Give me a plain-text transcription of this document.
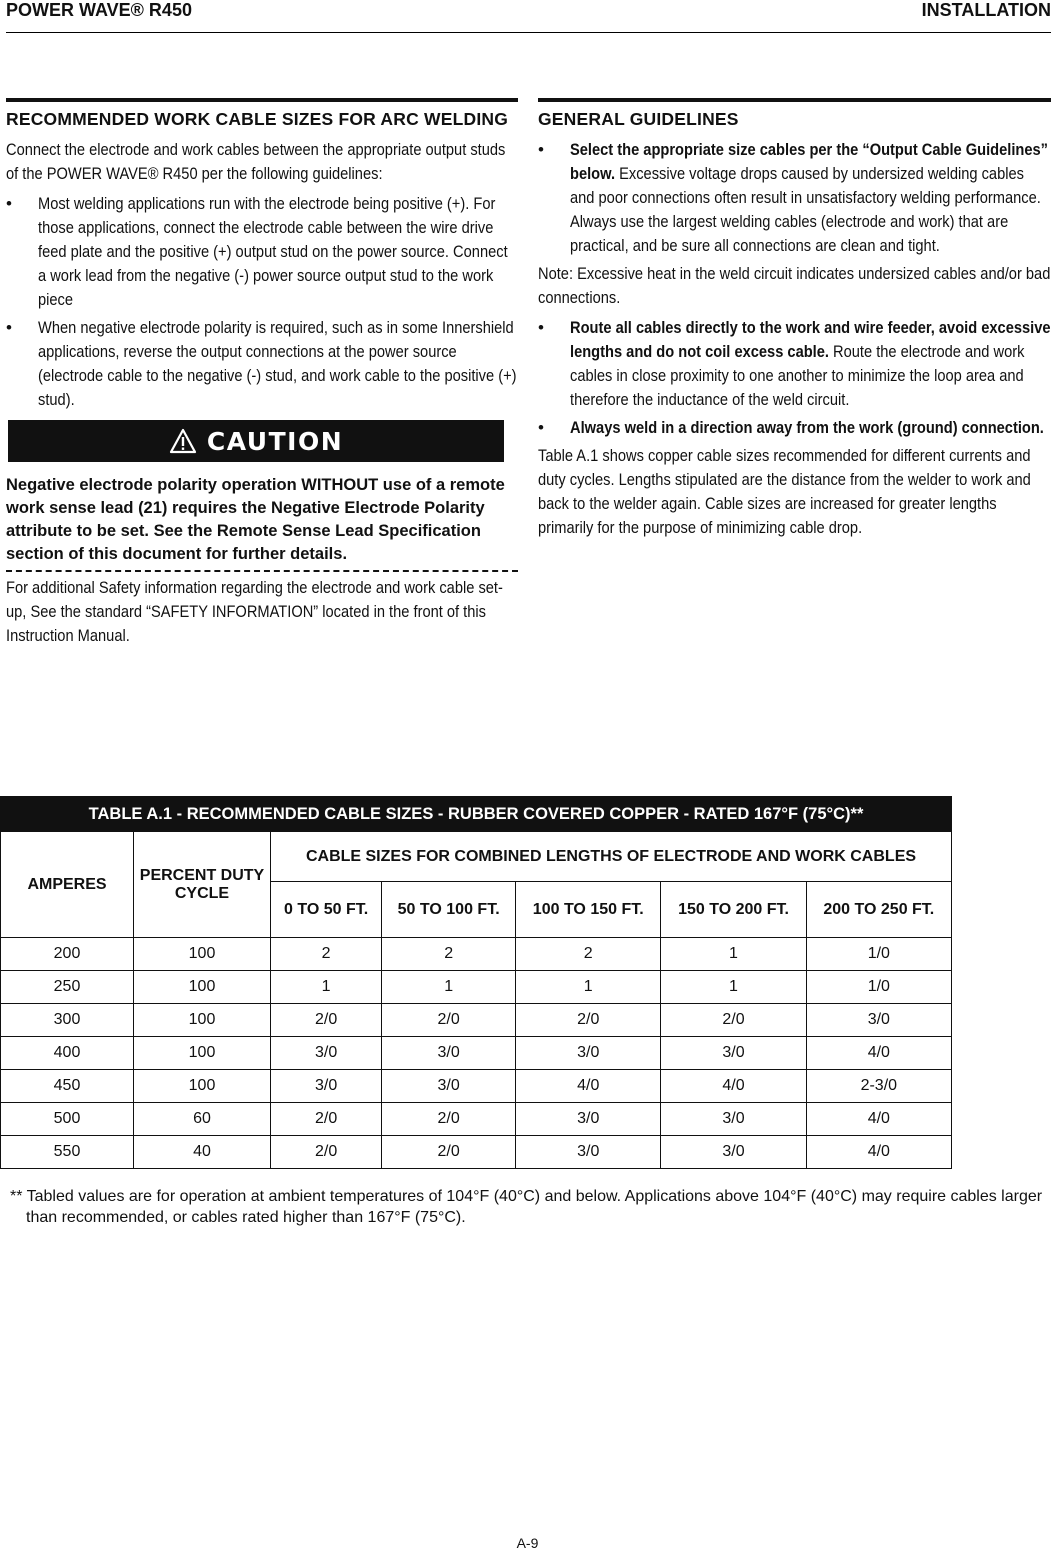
POWER WAVE® R450	INSTALLATION
RECOMMENDED WORK CABLE SIZES FOR ARC WELDING
Connect the electrode and work cables between the appropriate output studs of the POWER WAVE® R450 per the following guidelines:
• Most welding applications run with the electrode being positive (+). For those applications, connect the electrode cable between the wire drive feed plate and the positive (+) output stud on the power source. Connect a work lead from the negative (-) power source output stud to the work piece
• When negative electrode polarity is required, such as in some Innershield applications, reverse the output connections at the power source (electrode cable to the negative (-) stud, and work cable to the positive (+) stud).
CAUTION
Negative electrode polarity operation WITHOUT use of a remote work sense lead (21) requires the Negative Electrode Polarity attribute to be set. See the Remote Sense Lead Specification section of this document for further details.
For additional Safety information regarding the electrode and work cable set-up, See the standard “SAFETY INFORMATION” located in the front of this Instruction Manual.
GENERAL GUIDELINES
• Select the appropriate size cables per the “Output Cable Guidelines” below. Excessive voltage drops caused by undersized welding cables and poor connections often result in unsatisfactory welding performance. Always use the largest welding cables (electrode and work) that are practical, and be sure all connections are clean and tight.
Note: Excessive heat in the weld circuit indicates undersized cables and/or bad connections.
• Route all cables directly to the work and wire feeder, avoid excessive lengths and do not coil excess cable. Route the electrode and work cables in close proximity to one another to minimize the loop area and therefore the inductance of the weld circuit.
• Always weld in a direction away from the work (ground) connection.
Table A.1 shows copper cable sizes recommended for different currents and duty cycles. Lengths stipulated are the distance from the welder to work and back to the welder again. Cable sizes are increased for greater lengths primarily for the purpose of minimizing cable drop.
TABLE A.1 - RECOMMENDED CABLE SIZES - RUBBER COVERED COPPER - RATED 167°F (75°C)**						
AMPERES	PERCENT DUTY CYCLE	CABLE SIZES FOR COMBINED LENGTHS OF ELECTRODE AND WORK CABLES				
		0 TO 50 FT.	50 TO 100 FT.	100 TO 150 FT.	150 TO 200 FT.	200 TO 250 FT.
200	100	2	2	2	1	1/0
250	100	1	1	1	1	1/0
300	100	2/0	2/0	2/0	2/0	3/0
400	100	3/0	3/0	3/0	3/0	4/0
450	100	3/0	3/0	4/0	4/0	2-3/0
500	60	2/0	2/0	3/0	3/0	4/0
550	40	2/0	2/0	3/0	3/0	4/0
** Tabled values are for operation at ambient temperatures of 104°F (40°C) and below. Applications above 104°F (40°C) may require cables larger than recommended, or cables rated higher than 167°F (75°C).
A-9
